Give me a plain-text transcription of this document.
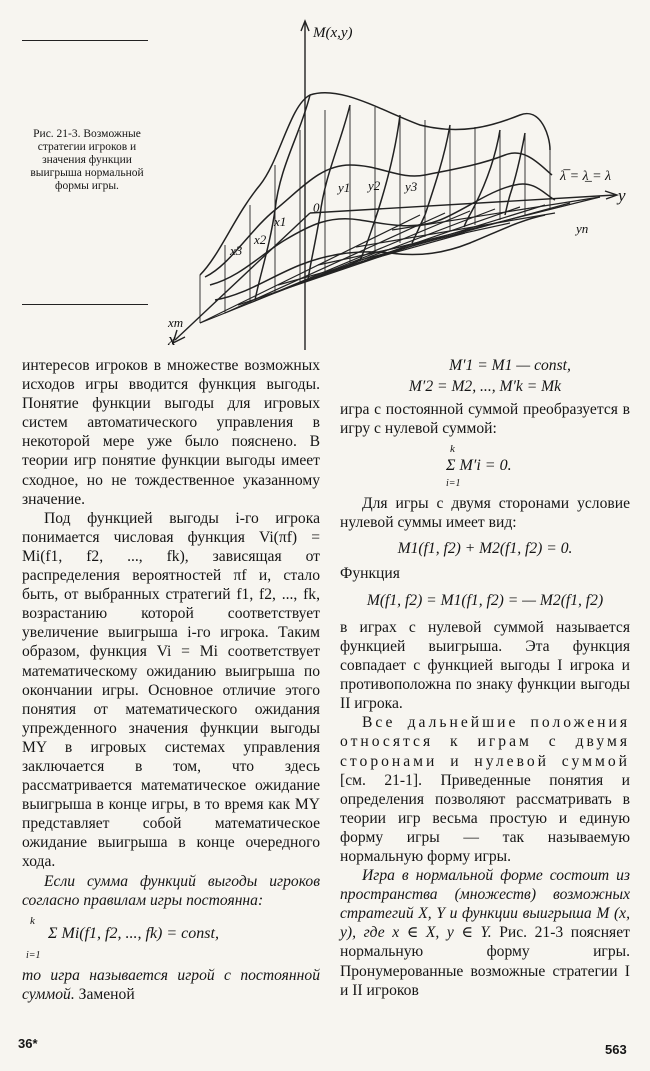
M(x,y)
y
x
xm
yn
0
x1
x2
x3
y1 y2 y3
λ̅ = λ̲ = λ
Рис. 21-3. Возможные стратегии игроков и значения функции выигрыша нормальной формы игры.

интересов игроков в множестве возможных исходов игры вводится функция выгоды. Понятие функции выгоды для игровых систем автоматического управления в некоторой мере уже было пояснено. В теории игр понятие функции выгоды имеет сходное, но не тождественное указанному значение.

Под функцией выгоды i-го игрока понимается числовая функция Vi(πf) = Mi(f1, f2, ..., fk), зависящая от распределения вероятностей πf и, стало быть, от выбранных стратегий f1, f2, ..., fk, возрастанию которой соответствует увеличение выигрыша i-го игрока. Таким образом, функция Vi = Mi соответствует математическому ожиданию выигрыша по окончании игры. Основное отличие этого понятия от математического ожидания упрежденного значения функции выгоды MY в игровых системах управления заключается в том, что здесь рассматривается математическое ожидание выигрыша в конце игры, в то время как MY представляет собой математическое ожидание выигрыша в конце очередного хода.

Если сумма функций выгоды игроков согласно правилам игры постоянна:

k
Σ Mi(f1, f2, ..., fk) = const,
i=1

то игра называется игрой с постоянной суммой. Заменой

M′1 = M1 — const,
M′2 = M2, ..., M′k = Mk

игра с постоянной суммой преобразуется в игру с нулевой суммой:

k
Σ M′i = 0.
i=1

Для игры с двумя сторонами условие нулевой суммы имеет вид:

M1(f1, f2) + M2(f1, f2) = 0.

Функция

M(f1, f2) = M1(f1, f2) = — M2(f1, f2)

в играх с нулевой суммой называется функцией выигрыша. Эта функция совпадает с функцией выгоды I игрока и противоположна по знаку функции выгоды II игрока.

Все дальнейшие положения относятся к играм с двумя сторонами и нулевой суммой [см. 21-1]. Приведенные понятия и определения позволяют рассматривать в теории игр весьма простую и единую форму игры — так называемую нормальную форму игры.

Игра в нормальной форме состоит из пространства (множеств) возможных стратегий X, Y и функции выигрыша M (x, y), где x ∈ X, y ∈ Y. Рис. 21-3 поясняет нормальную форму игры. Пронумерованные возможные стратегии I и II игроков

36*	563
